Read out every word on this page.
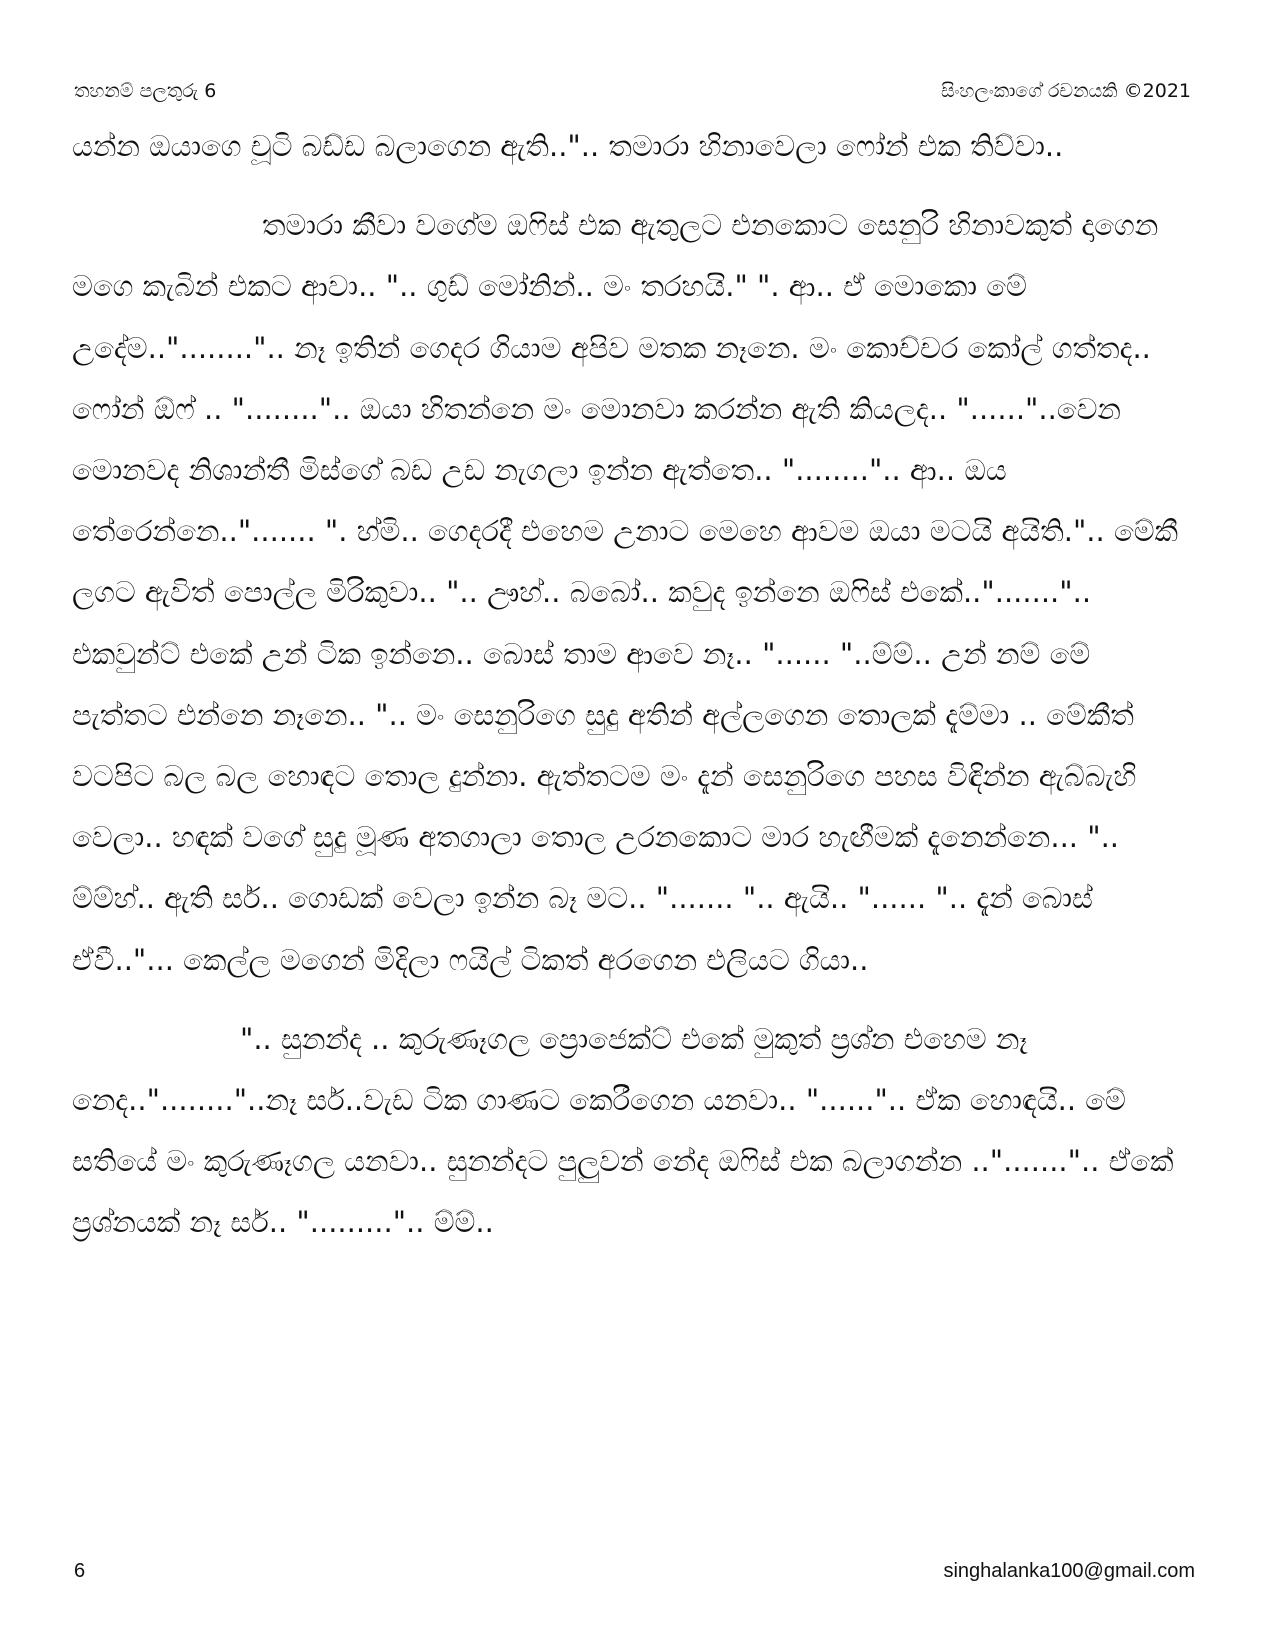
තහනම් පලතුරු 6	සිංහලංකාගේ රචනයකි ©2021

යන්න ඔයාගෙ චූටි බඩ්ඩ බලාගෙන ඇති..".. තමාරා හිනාවෙලා ෆෝන් එක තිව්වා..

තමාරා කීවා වගේම ඔෆිස් එක ඇතුලට එනකොට සෙනුරි හිනාවකුත් දාගෙන මගෙ කැබින් එකට ආවා.. ".. ගුඩ් මෝනින්.. මං තරහයි." ". ආ.. ඒ මොකො මේ උදේම.."........".. නෑ ඉතින් ගෙදර ගියාම අපිව මතක නෑනෙ. මං කොච්චර කෝල් ගත්තද.. ෆෝන් ඕෆ් .. "........".. ඔයා හිතන්නෙ මං මොනවා කරන්න ඇති කියලද.. "......"..වෙන මොනවද නිශාන්තී මිස්ගේ බඩ උඩ නැගලා ඉන්න ඇත්තෙ.. "........".. ආ.. ඔය තේරෙන්නෙ.."....... ". හ්මි.. ගෙදරදී එහෙම උනාට මෙහෙ ආවම ඔයා මටයි අයිති.".. මේකී ලගට ඇවිත් පොල්ල මිරිකුවා.. ".. ඌහ්.. බබෝ.. කවුද ඉන්නෙ ඔෆිස් එකේ..".......".. එකවුන්ට් එකේ උන් ටික ඉන්නෙ.. බොස් තාම ආවෙ නෑ.. "...... "..ම්ම්.. උන් නම් මේ පැත්තට එන්නෙ නෑනෙ.. ".. මං සෙනුරිගෙ සුදු අතින් අල්ලගෙන තොලක් දැම්මා .. මේකීත් වටපිට බල බල හොඳට තොල දුන්නා. ඇත්තටම මං දැන් සෙනුරිගෙ පහස විඳින්න ඇබ්බැහි වෙලා.. හඳක් වගේ සුදු මූණ අතගාලා තොල උරනකොට මාර හැඟීමක් දැනෙන්නෙ... ".. ම්ම්හ්.. ඇති සර්.. ගොඩක් වෙලා ඉන්න බෑ මට.. "....... ".. ඇයි.. "...... ".. දැන් බොස් ඒවී.."... කෙල්ල මගෙන් මිදිලා ෆයිල් ටිකත් අරගෙන එලියට ගියා..

".. සුනන්ද .. කුරුණෑගල ප්‍රොජෙක්ට් එකේ මුකුත් ප්‍රශ්න එහෙම නෑ නෙද.."........"..නෑ සර්..වැඩ ටික ගාණට කෙරීගෙන යනවා.. "......".. ඒක හොඳයි.. මේ සතියේ මං කුරුණෑගල යනවා.. සුනන්දට පුලුවන් නේද ඔෆිස් එක බලාගන්න ..".......".. ඒකේ ප්‍රශ්නයක් නෑ සර්.. ".........".. ම්ම්..

6	singhalanka100@gmail.com
